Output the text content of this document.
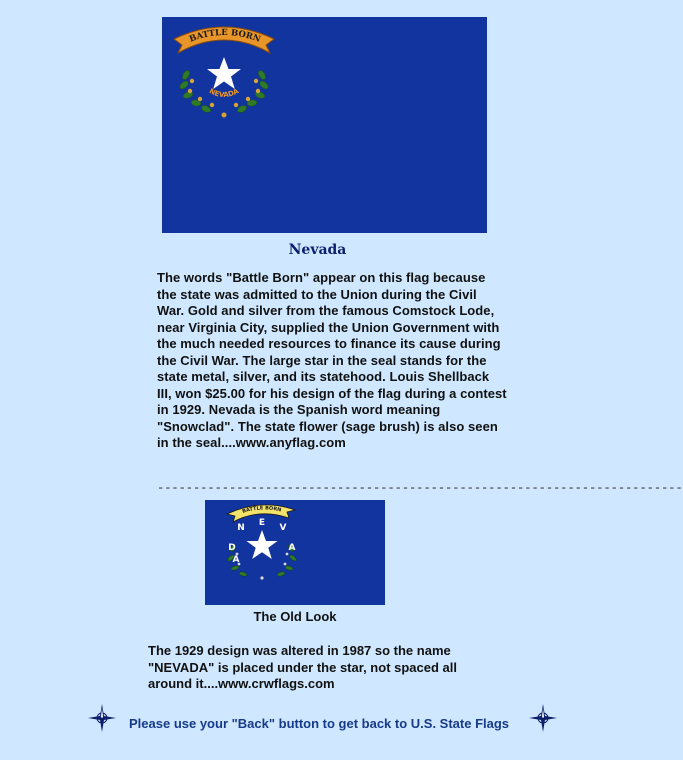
BATTLE BORN
NEVADA
Nevada
The words "Battle Born" appear on this flag because the state was admitted to the Union during the Civil War. Gold and silver from the famous Comstock Lode, near Virginia City, supplied the Union Government with the much needed resources to finance its cause during the Civil War. The large star in the seal stands for the state metal, silver, and its statehood. Louis Shellback III, won $25.00 for his design of the flag during a contest in 1929. Nevada is the Spanish word meaning "Snowclad". The state flower (sage brush) is also seen in the seal....www.anyflag.com
-------------------------------------------------------------------------
BATTLE BORN
N E V
A
D
A
The Old Look
The 1929 design was altered in 1987 so the name "NEVADA" is placed under the star, not spaced all around it....www.crwflags.com
Please use your "Back" button to get back to U.S. State Flags
